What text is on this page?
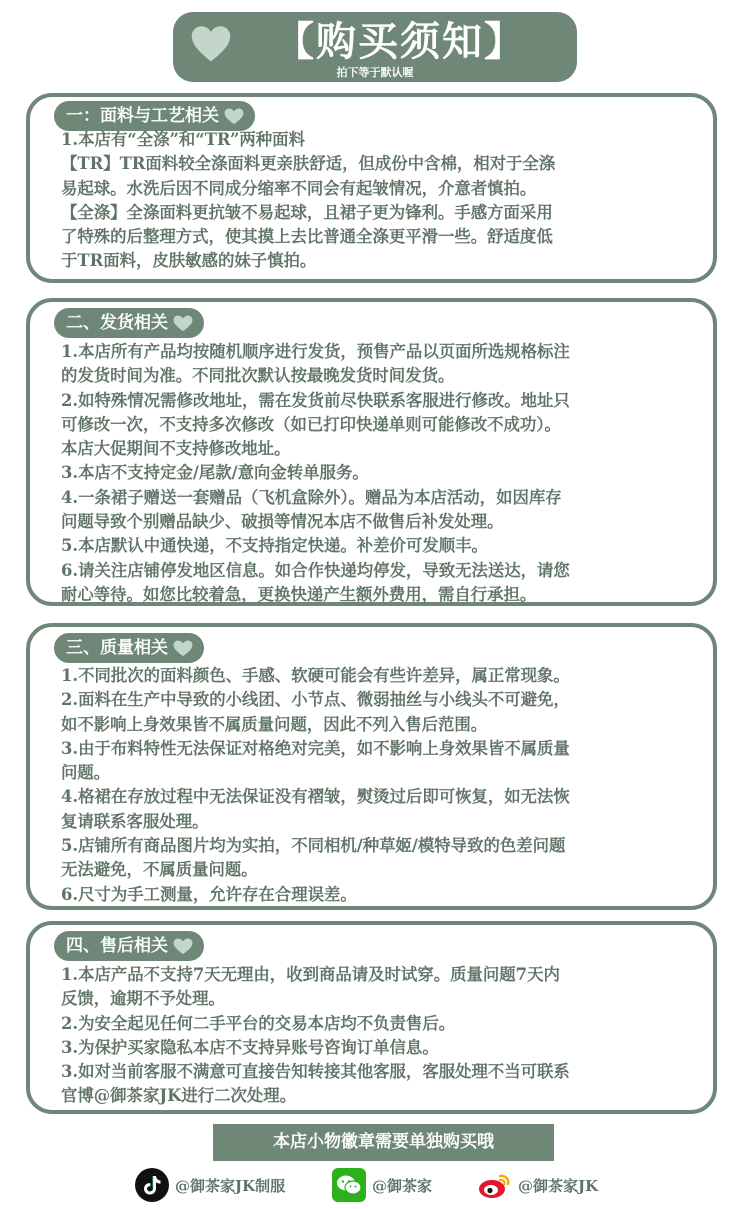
【购买须知】
拍下等于默认喔
一：面料与工艺相关
1.本店有“全涤”和“TR”两种面料
【TR】TR面料较全涤面料更亲肤舒适，但成份中含棉，相对于全涤
易起球。水洗后因不同成分缩率不同会有起皱情况，介意者慎拍。
【全涤】全涤面料更抗皱不易起球，且裙子更为锋利。手感方面采用
了特殊的后整理方式，使其摸上去比普通全涤更平滑一些。舒适度低
于TR面料，皮肤敏感的妹子慎拍。
二、发货相关
1.本店所有产品均按随机顺序进行发货，预售产品以页面所选规格标注
的发货时间为准。不同批次默认按最晚发货时间发货。
2.如特殊情况需修改地址，需在发货前尽快联系客服进行修改。地址只
可修改一次，不支持多次修改（如已打印快递单则可能修改不成功）。
本店大促期间不支持修改地址。
3.本店不支持定金/尾款/意向金转单服务。
4.一条裙子赠送一套赠品（飞机盒除外）。赠品为本店活动，如因库存
问题导致个别赠品缺少、破损等情况本店不做售后补发处理。
5.本店默认中通快递，不支持指定快递。补差价可发顺丰。
6.请关注店铺停发地区信息。如合作快递均停发，导致无法送达，请您
耐心等待。如您比较着急，更换快递产生额外费用，需自行承担。
三、质量相关
1.不同批次的面料颜色、手感、软硬可能会有些许差异，属正常现象。
2.面料在生产中导致的小线团、小节点、微弱抽丝与小线头不可避免，
如不影响上身效果皆不属质量问题，因此不列入售后范围。
3.由于布料特性无法保证对格绝对完美，如不影响上身效果皆不属质量
问题。
4.格裙在存放过程中无法保证没有褶皱，熨烫过后即可恢复，如无法恢
复请联系客服处理。
5.店铺所有商品图片均为实拍，不同相机/种草姬/模特导致的色差问题
无法避免，不属质量问题。
6.尺寸为手工测量，允许存在合理误差。
四、售后相关
1.本店产品不支持7天无理由，收到商品请及时试穿。质量问题7天内
反馈，逾期不予处理。
2.为安全起见任何二手平台的交易本店均不负责售后。
3.为保护买家隐私本店不支持异账号咨询订单信息。
3.如对当前客服不满意可直接告知转接其他客服，客服处理不当可联系
官博@御茶家JK进行二次处理。
本店小物徽章需要单独购买哦
@御茶家JK制服	@御茶家	@御茶家JK
